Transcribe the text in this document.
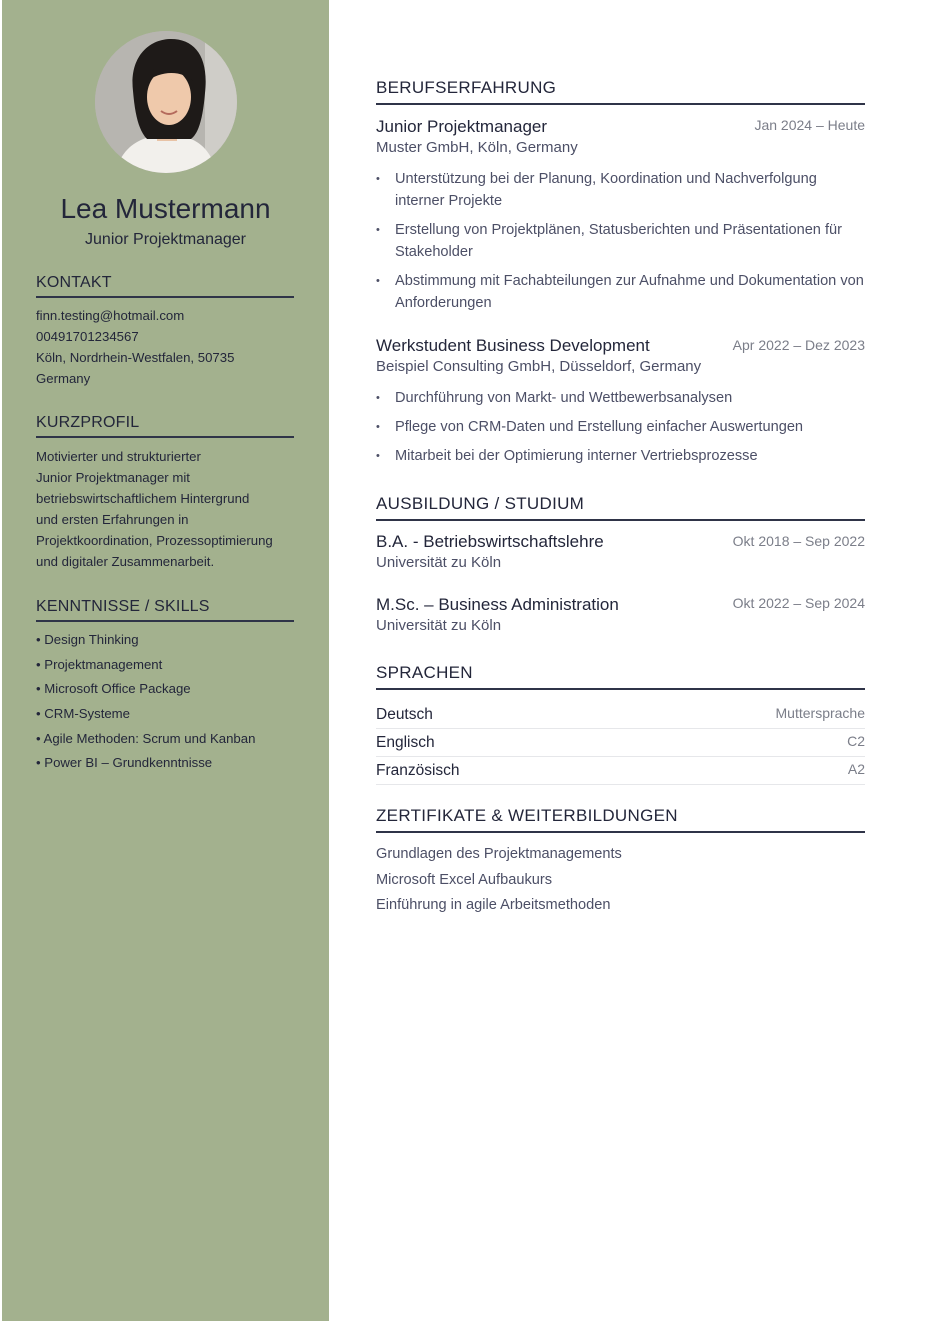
Lea Mustermann
Junior Projektmanager
KONTAKT
finn.testing@hotmail.com
00491701234567
Köln, Nordrhein-Westfalen, 50735
Germany
KURZPROFIL
Motivierter und strukturierter
Junior Projektmanager mit
betriebswirtschaftlichem Hintergrund
und ersten Erfahrungen in
Projektkoordination, Prozessoptimierung
und digitaler Zusammenarbeit.
KENNTNISSE / SKILLS
• Design Thinking
• Projektmanagement
• Microsoft Office Package
• CRM-Systeme
• Agile Methoden: Scrum und Kanban
• Power BI – Grundkenntnisse
BERUFSERFAHRUNG
Junior Projektmanager	Jan 2024 – Heute
Muster GmbH, Köln, Germany
• Unterstützung bei der Planung, Koordination und Nachverfolgung interner Projekte
• Erstellung von Projektplänen, Statusberichten und Präsentationen für Stakeholder
• Abstimmung mit Fachabteilungen zur Aufnahme und Dokumentation von Anforderungen
Werkstudent Business Development	Apr 2022 – Dez 2023
Beispiel Consulting GmbH, Düsseldorf, Germany
• Durchführung von Markt- und Wettbewerbsanalysen
• Pflege von CRM-Daten und Erstellung einfacher Auswertungen
• Mitarbeit bei der Optimierung interner Vertriebsprozesse
AUSBILDUNG / STUDIUM
B.A. - Betriebswirtschaftslehre	Okt 2018 – Sep 2022
Universität zu Köln
M.Sc. – Business Administration	Okt 2022 – Sep 2024
Universität zu Köln
SPRACHEN
Deutsch	Muttersprache
Englisch	C2
Französisch	A2
ZERTIFIKATE & WEITERBILDUNGEN
Grundlagen des Projektmanagements
Microsoft Excel Aufbaukurs
Einführung in agile Arbeitsmethoden
